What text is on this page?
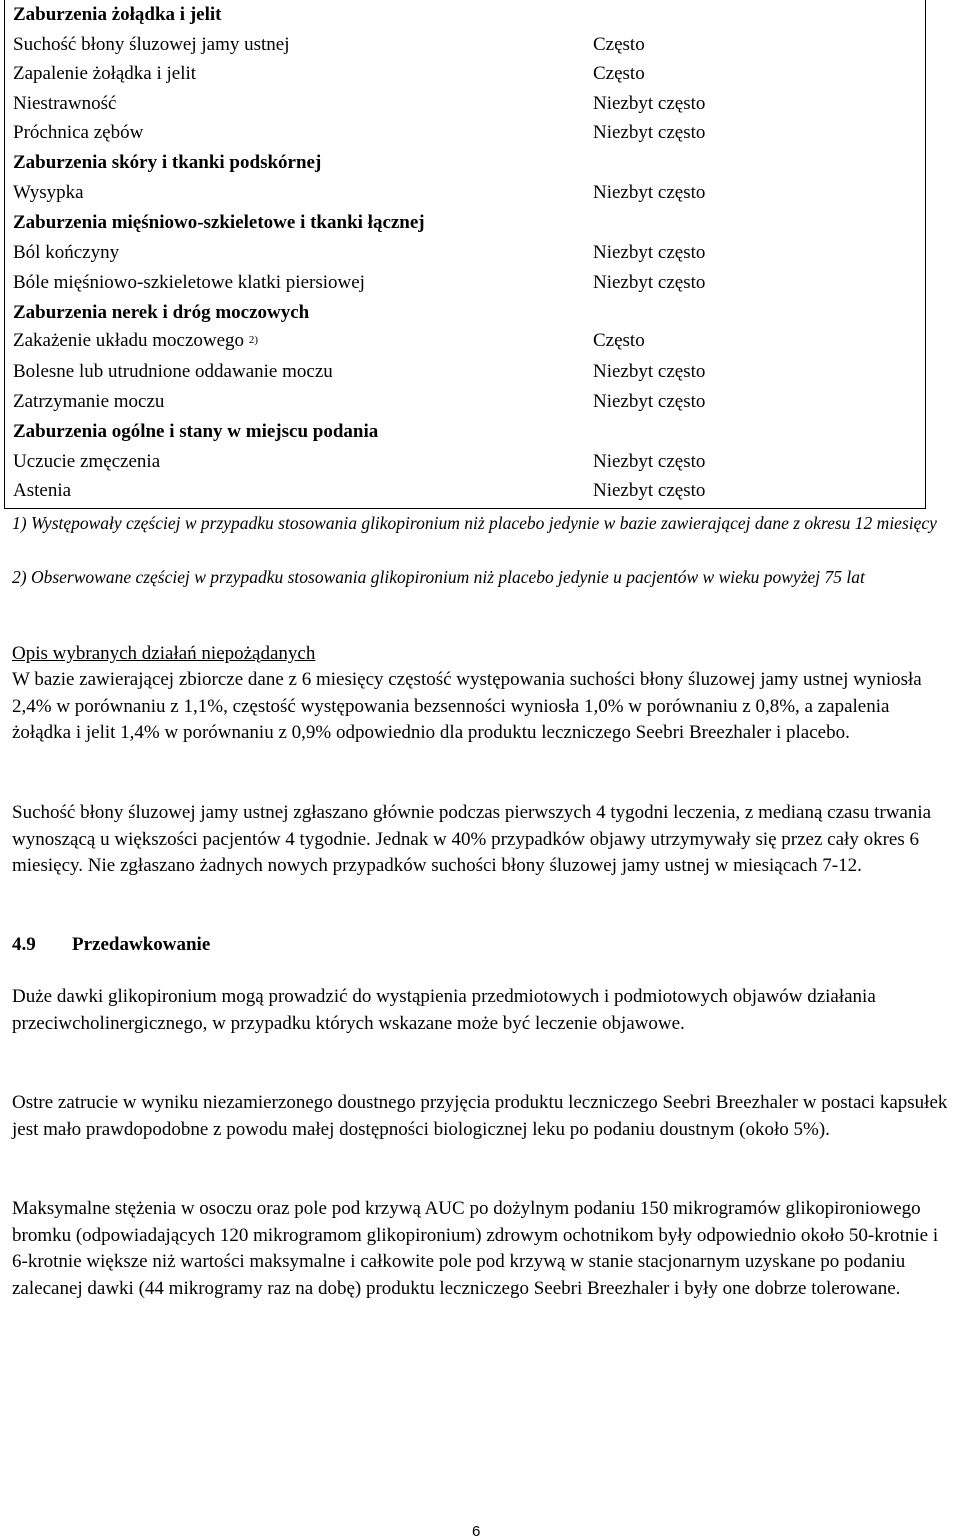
Zaburzenia żołądka i jelit
Suchość błony śluzowej jamy ustnej	Często
Zapalenie żołądka i jelit	Często
Niestrawność	Niezbyt często
Próchnica zębów	Niezbyt często
Zaburzenia skóry i tkanki podskórnej
Wysypka	Niezbyt często
Zaburzenia mięśniowo-szkieletowe i tkanki łącznej
Ból kończyny	Niezbyt często
Bóle mięśniowo-szkieletowe klatki piersiowej	Niezbyt często
Zaburzenia nerek i dróg moczowych
Zakażenie układu moczowego $^{2)}$	Często
Bolesne lub utrudnione oddawanie moczu	Niezbyt często
Zatrzymanie moczu	Niezbyt często
Zaburzenia ogólne i stany w miejscu podania
Uczucie zmęczenia	Niezbyt często
Astenia	Niezbyt często
1) Występowały częściej w przypadku stosowania glikopironium niż placebo jedynie w bazie zawierającej dane z okresu 12 miesięcy
2) Obserwowane częściej w przypadku stosowania glikopironium niż placebo jedynie u pacjentów w wieku powyżej 75 lat
Opis wybranych działań niepożądanych
W bazie zawierającej zbiorcze dane z 6 miesięcy częstość występowania suchości błony śluzowej jamy ustnej wyniosła 2,4% w porównaniu z 1,1%, częstość występowania bezsenności wyniosła 1,0% w porównaniu z 0,8%, a zapalenia żołądka i jelit 1,4% w porównaniu z 0,9% odpowiednio dla produktu leczniczego Seebri Breezhaler i placebo.
Suchość błony śluzowej jamy ustnej zgłaszano głównie podczas pierwszych 4 tygodni leczenia, z medianą czasu trwania wynoszącą u większości pacjentów 4 tygodnie. Jednak w 40% przypadków objawy utrzymywały się przez cały okres 6 miesięcy. Nie zgłaszano żadnych nowych przypadków suchości błony śluzowej jamy ustnej w miesiącach 7-12.
4.9 Przedawkowanie
Duże dawki glikopironium mogą prowadzić do wystąpienia przedmiotowych i podmiotowych objawów działania przeciwcholinergicznego, w przypadku których wskazane może być leczenie objawowe.
Ostre zatrucie w wyniku niezamierzonego doustnego przyjęcia produktu leczniczego Seebri Breezhaler w postaci kapsułek jest mało prawdopodobne z powodu małej dostępności biologicznej leku po podaniu doustnym (około 5%).
Maksymalne stężenia w osoczu oraz pole pod krzywą AUC po dożylnym podaniu 150 mikrogramów glikopironiowego bromku (odpowiadających 120 mikrogramom glikopironium) zdrowym ochotnikom były odpowiednio około 50-krotnie i 6-krotnie większe niż wartości maksymalne i całkowite pole pod krzywą w stanie stacjonarnym uzyskane po podaniu zalecanej dawki (44 mikrogramy raz na dobę) produktu leczniczego Seebri Breezhaler i były one dobrze tolerowane.
6
